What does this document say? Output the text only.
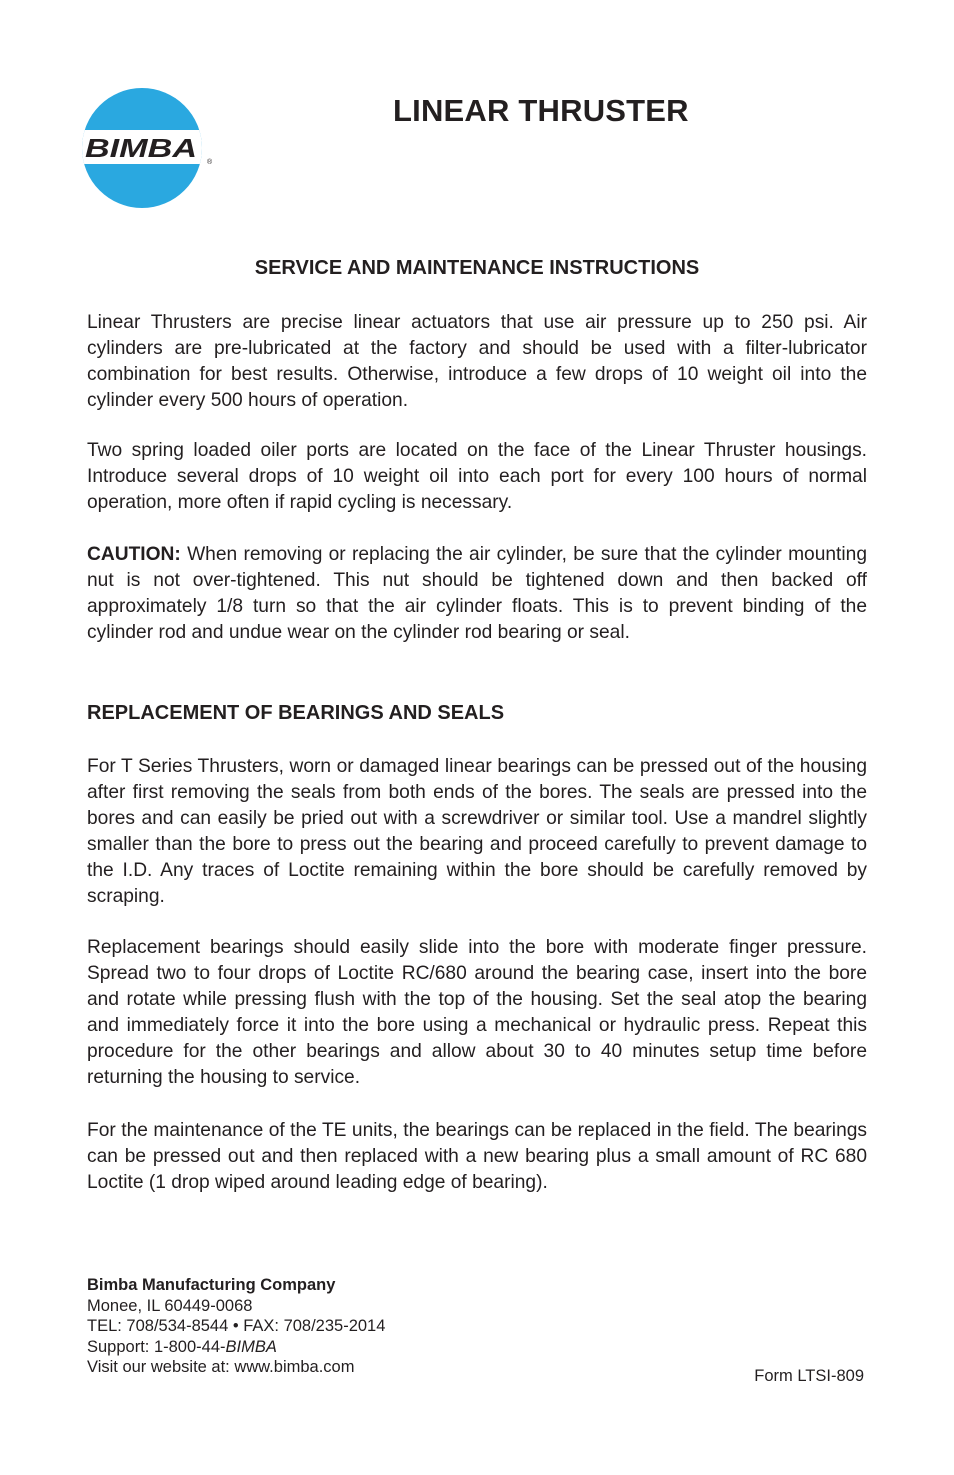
BIMBA ®
LINEAR THRUSTER
SERVICE AND MAINTENANCE INSTRUCTIONS

Linear Thrusters are precise linear actuators that use air pressure up to 250 psi. Air cylinders are pre-lubricated at the factory and should be used with a filter-lubricator combination for best results. Otherwise, introduce a few drops of 10 weight oil into the cylinder every 500 hours of operation.

Two spring loaded oiler ports are located on the face of the Linear Thruster housings. Introduce several drops of 10 weight oil into each port for every 100 hours of normal operation, more often if rapid cycling is necessary.

CAUTION: When removing or replacing the air cylinder, be sure that the cylinder mounting nut is not over-tightened. This nut should be tightened down and then backed off approximately 1/8 turn so that the air cylinder floats. This is to prevent binding of the cylinder rod and undue wear on the cylinder rod bearing or seal.

REPLACEMENT OF BEARINGS AND SEALS

For T Series Thrusters, worn or damaged linear bearings can be pressed out of the housing after first removing the seals from both ends of the bores. The seals are pressed into the bores and can easily be pried out with a screwdriver or similar tool. Use a mandrel slightly smaller than the bore to press out the bearing and proceed carefully to prevent damage to the I.D. Any traces of Loctite remaining within the bore should be carefully removed by scraping.

Replacement bearings should easily slide into the bore with moderate finger pressure. Spread two to four drops of Loctite RC/680 around the bearing case, insert into the bore and rotate while pressing flush with the top of the housing. Set the seal atop the bearing and immediately force it into the bore using a mechanical or hydraulic press. Repeat this procedure for the other bearings and allow about 30 to 40 minutes setup time before returning the housing to service.

For the maintenance of the TE units, the bearings can be replaced in the field. The bearings can be pressed out and then replaced with a new bearing plus a small amount of RC 680 Loctite (1 drop wiped around leading edge of bearing).

Bimba Manufacturing Company
Monee, IL 60449-0068
TEL: 708/534-8544 • FAX: 708/235-2014
Support: 1-800-44-BIMBA
Visit our website at: www.bimba.com	Form LTSI-809
